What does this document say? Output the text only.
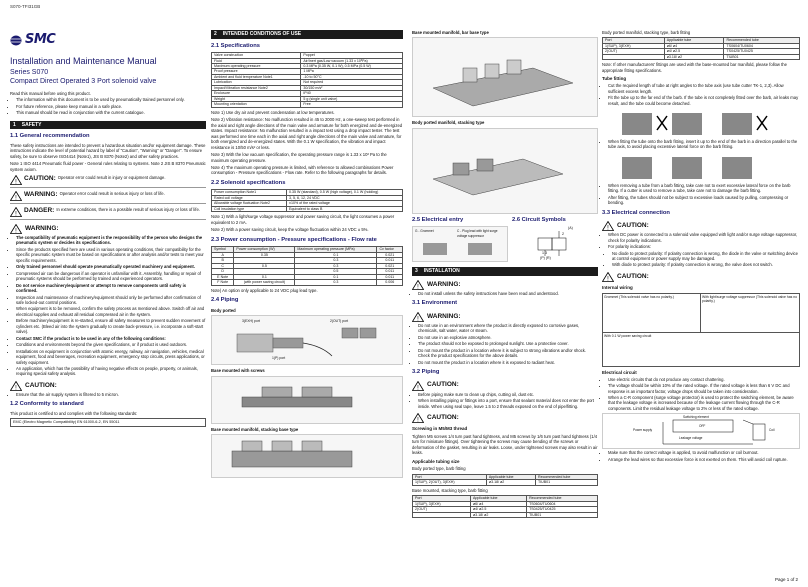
S070-TFI31GB
SMC
Installation and Maintenance Manual
Series S070
Compact Direct Operated 3 Port solenoid valve

Read this manual before using this product.

• The information within this document is to be used by pneumatically trained personnel only.
• For future reference, please keep manual in a safe place.
• This manual should be read in conjunction with the current catalogue.
1 SAFETY
1.1 General recommendation

These safety instructions are intended to prevent a hazardous situation and/or equipment damage. These instructions indicate the level of potential hazard by label of "Caution", "Warning" or "Danger". To ensure safety, be sure to observe ISO4414 (Note1), JIS B 8370 (Note2) and other safety practices.

Note 1 ISO 4414 Pneumatic fluid power - General rules relating to systems. Note 2 JIS B 8370 Pneumatic system axiom.

!
CAUTION: Operator error could result in injury or equipment damage.
!
WARNING: Operator error could result in serious injury or loss of life.
!
DANGER: In extreme conditions, there is a possible result of serious injury or loss of life.
! WARNING:
• The compatibility of pneumatic equipment is the responsibility of the person who designs the pneumatic system or decides its specifications.
• Since the products specified here are used in various operating conditions, their compatibility for the specific pneumatic system must be based on specifications or after analysis and/or tests to meet your specific requirements.
• Only trained personnel should operate pneumatically operated machinery and equipment.
• Compressed air can be dangerous if an operator is unfamiliar with it. Assembly, handling or repair of pneumatic systems should be performed by trained and experienced operators.
• Do not service machinery/equipment or attempt to remove components until safety is confirmed.
• Inspection and maintenance of machinery/equipment should only be performed after confirmation of safe locked-out control positions.
• When equipment is to be removed, confirm the safety process as mentioned above. Switch off air and electrical supplies and exhaust all residual compressed air in the system.
• Before machinery/equipment is re-started, ensure all safety measures to prevent sudden movement of cylinders etc. (Bleed air into the system gradually to create back-pressure, i.e. incorporate a soft-start valve).
• Contact SMC if the product is to be used in any of the following conditions:
• Conditions and environments beyond the given specifications, or if product is used outdoors.
• Installations on equipment in conjunction with atomic energy, railway, air navigation, vehicles, medical equipment, food and beverages, recreation equipment, emergency stop circuits, press applications, or safety equipment.
• An application, which has the possibility of having negative effects on people, property, or animals, requiring special safety analysis.
! CAUTION:
• Ensure that the air supply system is filtered to 5 micron.
1.2 Conformity to standard

This product is certified to and complies with the following standards:

EMC (Electro Magnetic Compatibility) EN 61000-6-2, EN 55011
2 INTENDED CONDITIONS OF USE
2.1 Specifications
Valve construction	Poppet
Fluid	Air/Inert gas/Low vacuum (1.33 x 10³Pa)
Maximum operating pressure	0.3 MPa (0.35 W, 0.1 W), 0.5 MPa (0.5 W)
Proof pressure	1 MPa
Ambient and fluid temperature Note1	-10 to 50°C
Lubrication	Not required
Impact/Vibration resistance Note2	30/150 m/s²
Enclosure	IP40
Weight	5 g (single unit valve)
Mounting orientation	Free

Note 1) Use dry air and prevent condensation at low temperatures.

Note 2) Vibration resistance: No malfunction resulted in 45 to 2000 Hz, a one-sweep test performed in the axial and right angle directions of the main valve and armature for both energized and de-energized states. Impact resistance: No malfunction resulted in a impact test using a drop impact tester. The test was performed one time each in the axial and right angle directions of the main valve and armature, for both energized and de-energized states. With the 0.1 W specification, the vibration and impact resistance is 10/50 m/s² or less.

Note 3) With the low vacuum specification, the operating pressure range is 1.33 x 10³ Pa to the maximum operating pressure.

Note 4) The maximum operating pressure is limited, with reference to allowed combinations Power consumption - Pressure specifications - Flow rate. Refer to the following paragraphs for details.

2.2 Solenoid specifications
Power consumption Note1	0.35 W (standard), 0.5 W (high voltage), 0.1 W (holding)
Rated coil voltage	3, 5, 6, 12, 24 VDC
Allowable voltage fluctuation Note2	±10% of the rated voltage
Coil insulation type	Equivalent to class B

Note 1) With a light/surge voltage suppressor and power saving circuit, the light consumes a power equivalent to 2 mA.

Note 2) With a power saving circuit, keep the voltage fluctuation within 24 VDC ± 5%.

2.3 Power consumption - Pressure specifications - Flow rate
Symbol	Power consumption (W)	Maximum operating pressure (MPa)	Cv factor
A	0.35	0.1	0.021
B		0.3	0.011
C	0.5	0.3	0.021
D		0.5	0.011
E Note	0.1	0.1	0.011
F Note	(with power saving circuit)	0.3	0.006

Note) An option only applicable to 24 VDC plug lead type.

2.4 Piping
Body ported
3(EXH) port	2(OUT) port
1(P) port
Base mounted with screws
Base mounted manifold, stacking base type
Base mounted manifold, bar base type
Body ported manifold, stacking type
2.5 Electrical entry
G - Grommet	C - Plug lead with light surge voltage suppressor
2.6 Circuit Symbols
(A)
2
1 3
(P) (R)
3 INSTALLATION
! WARNING:
• Do not install unless the safety instructions have been read and understood.
3.1 Environment
! WARNING:
• Do not use in an environment where the product is directly exposed to corrosive gases, chemicals, salt water, water or steam.
• Do not use in an explosive atmosphere.
• The product should not be exposed to prolonged sunlight. Use a protective cover.
• Do not mount the product in a location where it is subject to strong vibrations and/or shock. Check the product specifications for the above details.
• Do not mount the product in a location where it is exposed to radiant heat.
3.2 Piping
! CAUTION:
• Before piping make sure to clean up chips, cutting oil, dust etc.
• When installing piping or fittings into a port, ensure that sealant material does not enter the port inside. When using seal tape, leave 1.5 to 2 threads exposed on the end of pipe/fitting.
! CAUTION:
Screwing in M5/M3 thread

Tighten M5 screws 1/4 turn past hand tightness, and M5 screws by 1/6 turn past hand tightness (1/4 turn for miniature fittings). Over tightening the screws may cause bending of the screws or deformation of the gasket, resulting in air leaks. Loose, under tightened screws may also result in air leaks.

Applicable tubing size

Body ported type, barb fitting

Port	Applicable tube	Recommended tube
1(SUP), 2(OUT), 3(EXH)	ø3.18/ ø2	TIUB01

Base mounted, stacking type, barb fitting

Port	Applicable tube	Recommended tube
1(SUP), 3(EXH)	ø6/ ø4	TS0604/TU0604
2(OUT)	ø4/ ø2.5	TS0425/TU0425
	ø3.18/ ø2	TIUB01

Body ported manifold, stacking type, barb fitting

Port	Applicable tube	Recommended tube
1(SUP), 3(EXH)	ø6/ ø4	TS0604/TU0604
2(OUT)	ø4/ ø2.5	TS0425/TU0425
	ø3.18/ ø2	TIUB01

Note: If other manufacturers' fittings are used with the base-mounted bar manifold, please follow the appropriate fitting specifications.

Tube fitting
• Cut the required length of tube at right angles to the tube axis (use tube cutter TK-1, 2,3). Allow sufficient excess length.
• Fit the tube up to the far end of the barb. If the tube is not completely fitted over the barb, air leaks may result, and the tube could become detached.
• When fitting the tube onto the barb fitting, insert it up to the end of the barb in a direction parallel to the tube axis, to avoid placing excessive lateral force on the barb fitting.
• When removing a tube from a barb fitting, take care not to exert excessive lateral force on the barb fitting. If a cutter is used to remove a tube, take care not to damage the barb fitting.
• After fitting, the tubes should not be subject to excessive loads caused by pulling, compressing or bending.
3.3 Electrical connection
! CAUTION:
• When DC power is connected to a solenoid valve equipped with light and/or surge voltage suppressor, check for polarity indications.
• For polarity indications:
• No diode to protect polarity: If polarity connection is wrong, the diode in the valve or switching device at control equipment or power supply may be damaged.
• With diode to protect polarity: If polarity connection is wrong, the valve does not switch.
! CAUTION:
Internal wiring
Grommet (This solenoid valve has no polarity.)	With light/surge voltage suppressor (This solenoid valve has no polarity.)
With 0.1 W power saving circuit
Electrical circuit
• Use electric circuits that do not produce any contact chattering.
• The voltage should be within 10% of the rated voltage. If the rated voltage is less than 6 V DC and response is an important factor, voltage drops should be taken into consideration.
• When a C-R component (surge voltage protector) is used to protect the switching element, be aware that the leakage voltage is increased because of the leakage current flowing through the C-R components. Limit the residual leakage voltage to 2% or less of the rated voltage.
Switching element
OFF
Power supply
Leakage voltage
Coil
• Make sure that the correct voltage is applied, to avoid malfunction or coil burnout.
• Arrange the lead wires so that excessive force is not exerted on them. This will avoid coil rupture.
Page 1 of 2
